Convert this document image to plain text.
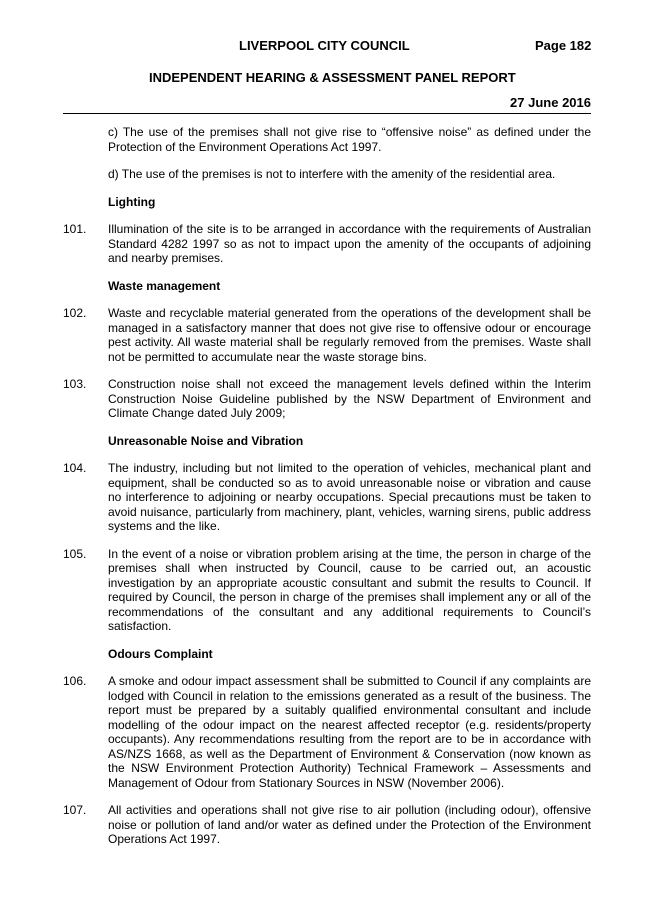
LIVERPOOL CITY COUNCIL	Page 182
INDEPENDENT HEARING & ASSESSMENT PANEL REPORT
27 June 2016

c) The use of the premises shall not give rise to “offensive noise” as defined under the Protection of the Environment Operations Act 1997.

d) The use of the premises is not to interfere with the amenity of the residential area.

Lighting

101.	Illumination of the site is to be arranged in accordance with the requirements of Australian Standard 4282 1997 so as not to impact upon the amenity of the occupants of adjoining and nearby premises.

Waste management

102.	Waste and recyclable material generated from the operations of the development shall be managed in a satisfactory manner that does not give rise to offensive odour or encourage pest activity. All waste material shall be regularly removed from the premises. Waste shall not be permitted to accumulate near the waste storage bins.
103.	Construction noise shall not exceed the management levels defined within the Interim Construction Noise Guideline published by the NSW Department of Environment and Climate Change dated July 2009;

Unreasonable Noise and Vibration

104.	The industry, including but not limited to the operation of vehicles, mechanical plant and equipment, shall be conducted so as to avoid unreasonable noise or vibration and cause no interference to adjoining or nearby occupations. Special precautions must be taken to avoid nuisance, particularly from machinery, plant, vehicles, warning sirens, public address systems and the like.
105.	In the event of a noise or vibration problem arising at the time, the person in charge of the premises shall when instructed by Council, cause to be carried out, an acoustic investigation by an appropriate acoustic consultant and submit the results to Council. If required by Council, the person in charge of the premises shall implement any or all of the recommendations of the consultant and any additional requirements to Council’s satisfaction.

Odours Complaint

106.	A smoke and odour impact assessment shall be submitted to Council if any complaints are lodged with Council in relation to the emissions generated as a result of the business. The report must be prepared by a suitably qualified environmental consultant and include modelling of the odour impact on the nearest affected receptor (e.g. residents/property occupants). Any recommendations resulting from the report are to be in accordance with AS/NZS 1668, as well as the Department of Environment & Conservation (now known as the NSW Environment Protection Authority) Technical Framework – Assessments and Management of Odour from Stationary Sources in NSW (November 2006).
107.	All activities and operations shall not give rise to air pollution (including odour), offensive noise or pollution of land and/or water as defined under the Protection of the Environment Operations Act 1997.
